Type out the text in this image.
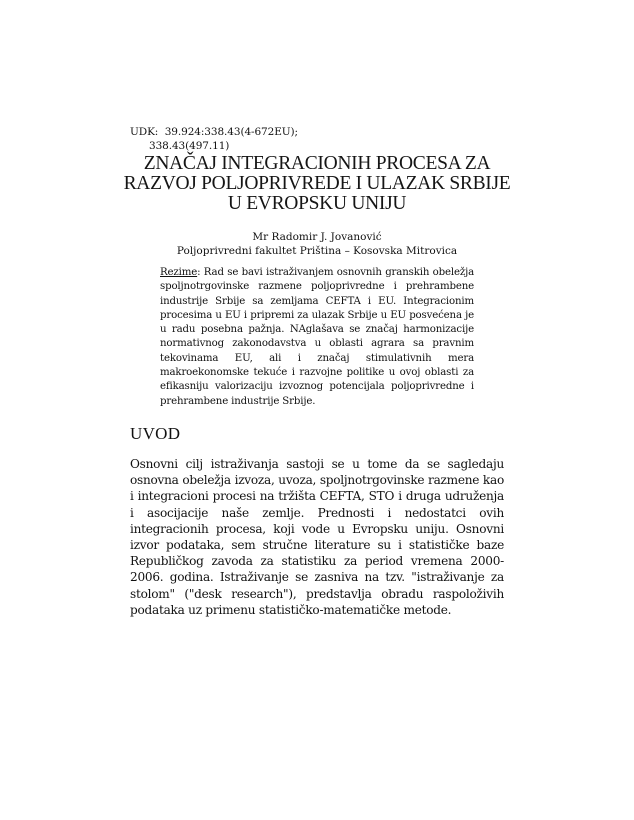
UDK:  39.924:338.43(4-672EU);
338.43(497.11)
ZNAČAJ INTEGRACIONIH PROCESA ZA
RAZVOJ POLJOPRIVREDE I ULAZAK SRBIJE
U EVROPSKU UNIJU
Mr Radomir J. Jovanović
Poljoprivredni fakultet Priština – Kosovska Mitrovica
Rezime: Rad se bavi istraživanjem osnovnih granskih obeležja spoljnotrgovinske razmene poljoprivredne i prehrambene industrije Srbije sa zemljama CEFTA i EU. Integracionim procesima u EU i pripremi za ulazak Srbije u EU posvećena je u radu posebna pažnja. NAglašava se značaj harmonizacije normativnog zakonodavstva u oblasti agrara sa pravnim tekovinama EU, ali i značaj stimulativnih mera makroekonomske tekuće i razvojne politike u ovoj oblasti za efikasniju valorizaciju izvoznog potencijala poljoprivredne i prehrambene industrije Srbije.
UVOD
Osnovni cilj istraživanja sastoji se u tome da se sagledaju osnovna obeležja izvoza, uvoza, spoljnotrgovinske razmene kao i integracioni procesi na tržišta CEFTA, STO i druga udruženja i asocijacije naše zemlje. Prednosti i nedostatci ovih integracionih procesa, koji vode u Evropsku uniju. Osnovni izvor podataka, sem stručne literature su i statističke baze Republičkog zavoda za statistiku za period vremena 2000-2006. godina. Istraživanje se zasniva na tzv. "istraživanje za stolom" ("desk research"), predstavlja obradu raspoloživih podataka uz primenu statističko-matematičke metode.
